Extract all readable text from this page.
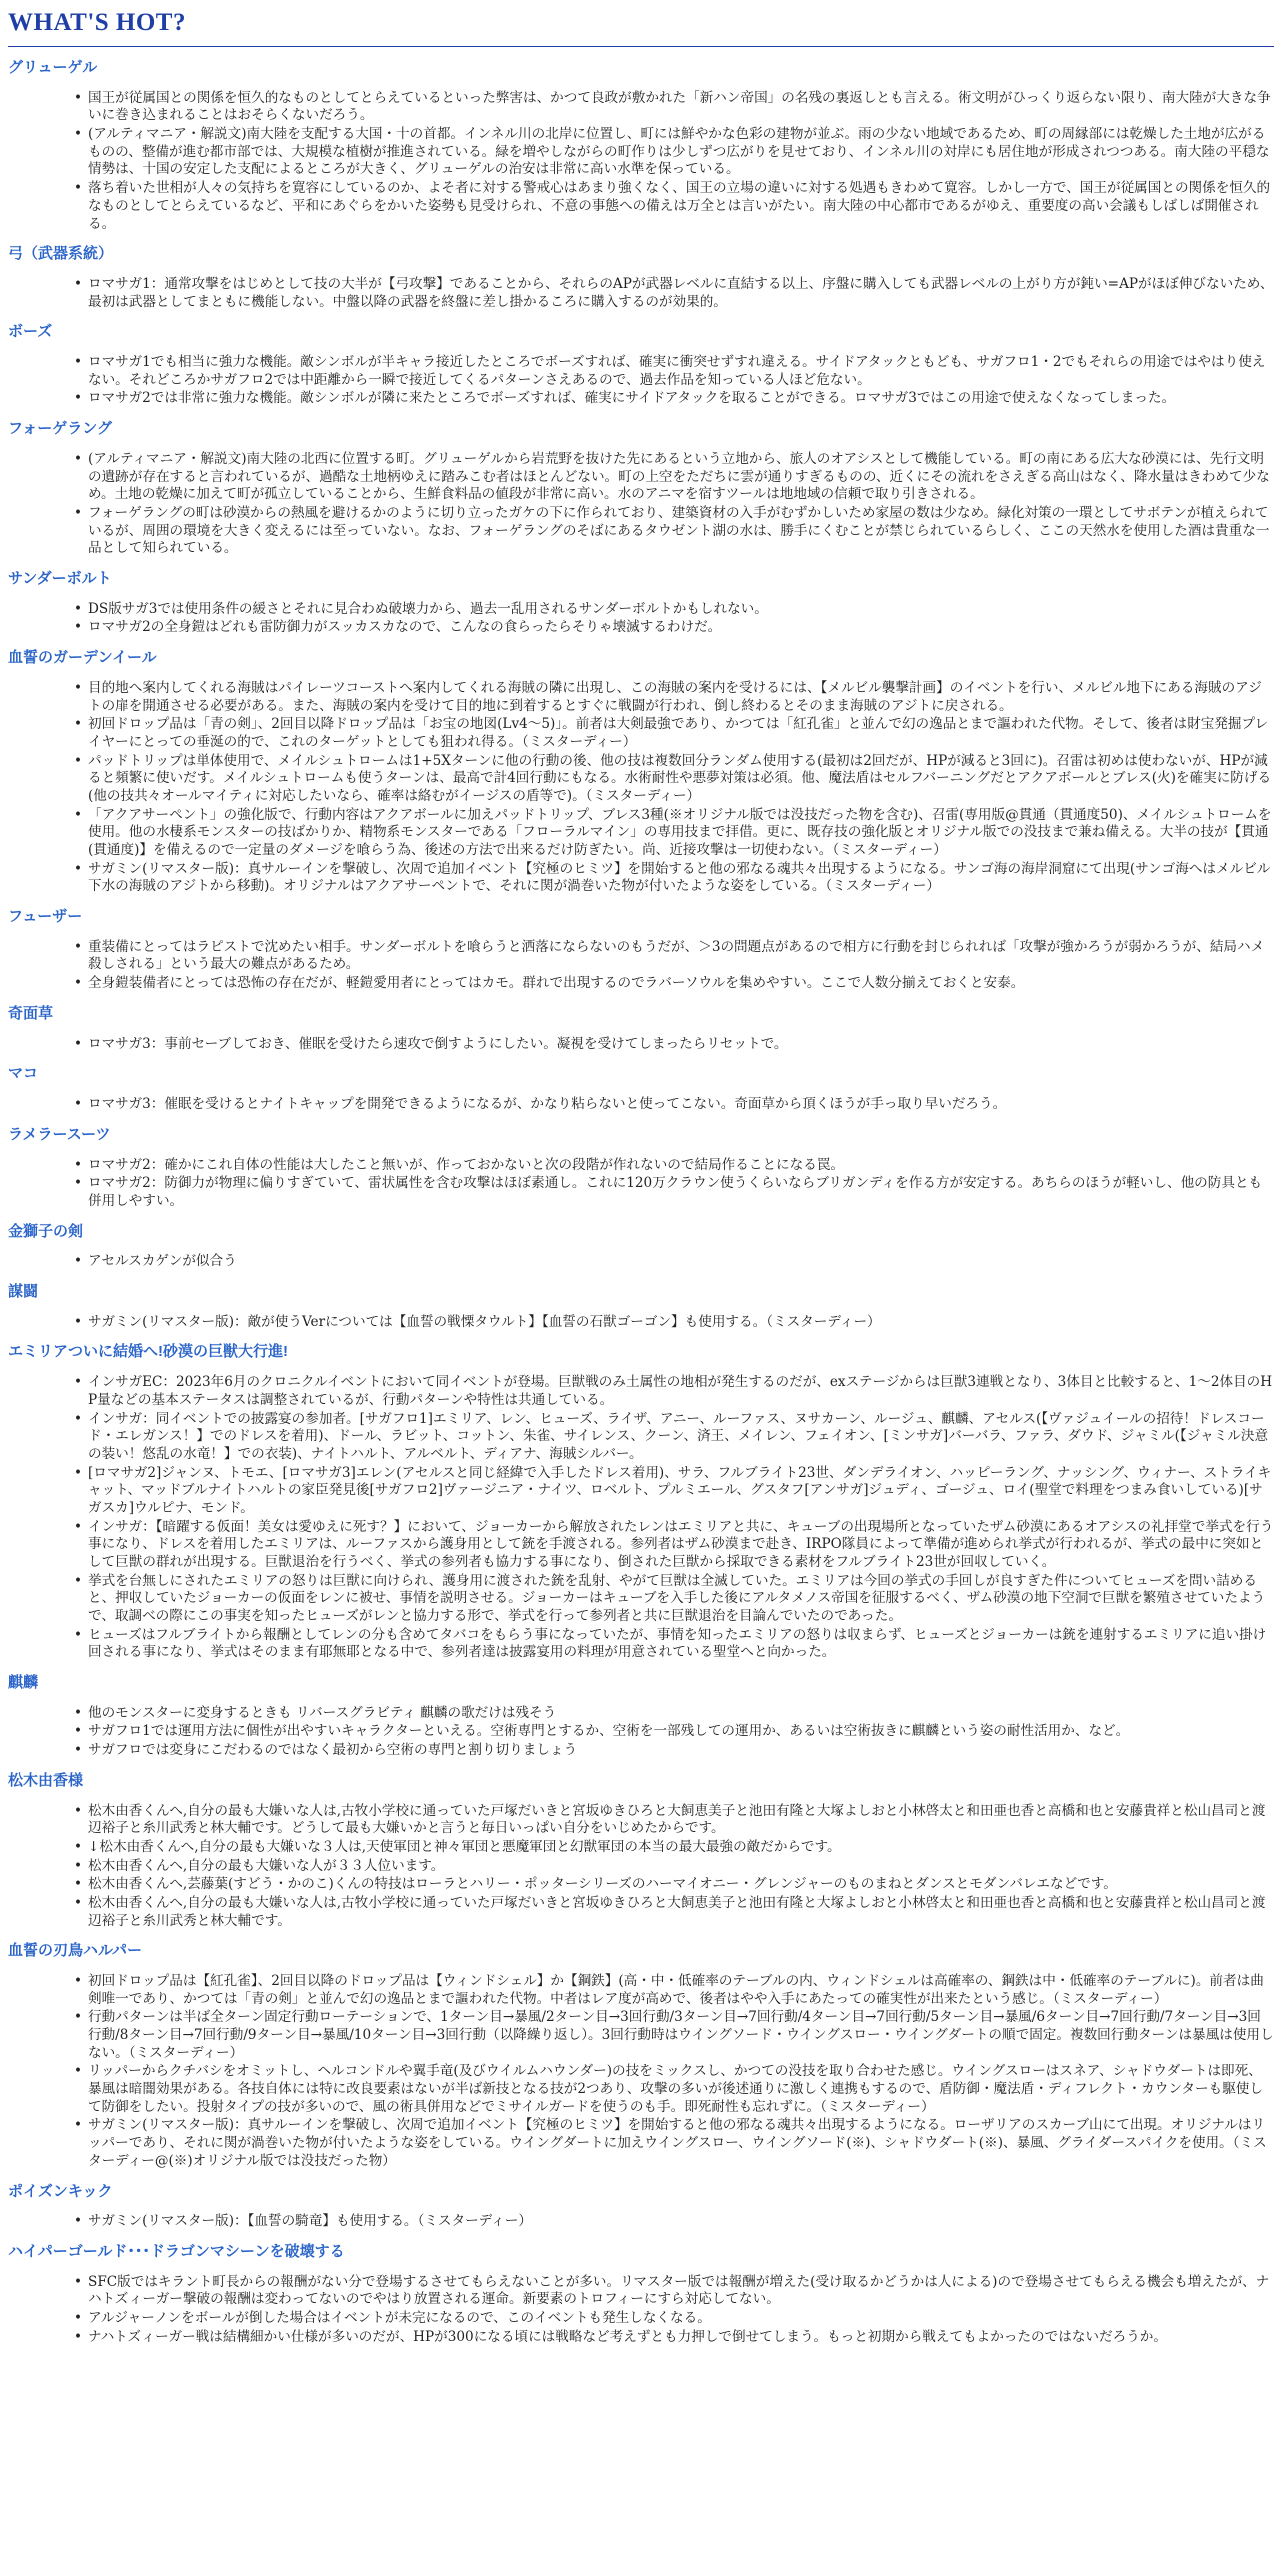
WHAT'S HOT?
グリューゲル
• 国王が従属国との関係を恒久的なものとしてとらえているといった弊害は、かつて良政が敷かれた「新ハン帝国」の名残の裏返しとも言える。術文明がひっくり返らない限り、南大陸が大きな争いに巻き込まれることはおそらくないだろう。
• (アルティマニア・解説文)南大陸を支配する大国・十の首都。インネル川の北岸に位置し、町には鮮やかな色彩の建物が並ぶ。雨の少ない地域であるため、町の周縁部には乾燥した土地が広がるものの、整備が進む都市部では、大規模な植樹が推進されている。緑を増やしながらの町作りは少しずつ広がりを見せており、インネル川の対岸にも居住地が形成されつつある。南大陸の平穏な情勢は、十国の安定した支配によるところが大きく、グリューゲルの治安は非常に高い水準を保っている。
• 落ち着いた世相が人々の気持ちを寛容にしているのか、よそ者に対する警戒心はあまり強くなく、国王の立場の違いに対する処遇もきわめて寛容。しかし一方で、国王が従属国との関係を恒久的なものとしてとらえているなど、平和にあぐらをかいた姿勢も見受けられ、不意の事態への備えは万全とは言いがたい。南大陸の中心都市であるがゆえ、重要度の高い会議もしばしば開催される。
弓（武器系統）
• ロマサガ1：通常攻撃をはじめとして技の大半が【弓攻撃】であることから、それらのAPが武器レベルに直結する以上、序盤に購入しても武器レベルの上がり方が鈍い=APがほぼ伸びないため、最初は武器としてまともに機能しない。中盤以降の武器を終盤に差し掛かるころに購入するのが効果的。
ボーズ
• ロマサガ1でも相当に強力な機能。敵シンボルが半キャラ接近したところでボーズすれば、確実に衝突せずすれ違える。サイドアタックともども、サガフロ1・2でもそれらの用途ではやはり使えない。それどころかサガフロ2では中距離から一瞬で接近してくるパターンさえあるので、過去作品を知っている人ほど危ない。
• ロマサガ2では非常に強力な機能。敵シンボルが隣に来たところでボーズすれば、確実にサイドアタックを取ることができる。ロマサガ3ではこの用途で使えなくなってしまった。
フォーゲラング
• (アルティマニア・解説文)南大陸の北西に位置する町。グリューゲルから岩荒野を抜けた先にあるという立地から、旅人のオアシスとして機能している。町の南にある広大な砂漠には、先行文明の遺跡が存在すると言われているが、過酷な土地柄ゆえに踏みこむ者はほとんどない。町の上空をただちに雲が通りすぎるものの、近くにその流れをさえぎる高山はなく、降水量はきわめて少なめ。土地の乾燥に加えて町が孤立していることから、生鮮食料品の値段が非常に高い。水のアニマを宿すツールは地地域の信頼で取り引きされる。
• フォーゲラングの町は砂漠からの熱風を避けるかのように切り立ったガケの下に作られており、建築資材の入手がむずかしいため家屋の数は少なめ。緑化対策の一環としてサボテンが植えられているが、周囲の環境を大きく変えるには至っていない。なお、フォーゲラングのそばにあるタウゼント湖の水は、勝手にくむことが禁じられているらしく、ここの天然水を使用した酒は貴重な一品として知られている。
サンダーボルト
• DS版サガ3では使用条件の緩さとそれに見合わぬ破壊力から、過去一乱用されるサンダーボルトかもしれない。
• ロマサガ2の全身鎧はどれも雷防御力がスッカスカなので、こんなの食らったらそりゃ壊滅するわけだ。
血誓のガーデンイール
• 目的地へ案内してくれる海賊はパイレーツコーストへ案内してくれる海賊の隣に出現し、この海賊の案内を受けるには、【メルビル襲撃計画】のイベントを行い、メルビル地下にある海賊のアジトの扉を開通させる必要がある。また、海賊の案内を受けて目的地に到着するとすぐに戦闘が行われ、倒し終わるとそのまま海賊のアジトに戻される。
• 初回ドロップ品は「青の剣」、2回目以降ドロップ品は「お宝の地図(Lv4～5)」。前者は大剣最強であり、かつては「紅孔雀」と並んで幻の逸品とまで謳われた代物。そして、後者は財宝発掘プレイヤーにとっての垂涎の的で、これのターゲットとしても狙われ得る。（ミスターディー）
• パッドトリップは単体使用で、メイルシュトロームは1+5Xターンに他の行動の後、他の技は複数回分ランダム使用する(最初は2回だが、HPが減ると3回に)。召雷は初めは使わないが、HPが減ると頻繁に使いだす。メイルシュトロームも使うターンは、最高で計4回行動にもなる。水術耐性や悪夢対策は必須。他、魔法盾はセルフバーニングだとアクアボールとブレス(火)を確実に防げる(他の技共々オールマイティに対応したいなら、確率は絡むがイージスの盾等で)。（ミスターディー）
• 「アクアサーペント」の強化版で、行動内容はアクアボールに加えパッドトリップ、ブレス3種(※オリジナル版では没技だった物を含む)、召雷(専用版@貫通（貫通度50)、メイルシュトロームを使用。他の水棲系モンスターの技ばかりか、精物系モンスターである「フローラルマイン」の専用技まで拝借。更に、既存技の強化版とオリジナル版での没技まで兼ね備える。大半の技が【貫通(貫通度)】を備えるので一定量のダメージを喰らう為、後述の方法で出来るだけ防ぎたい。尚、近接攻撃は一切使わない。（ミスターディー）
• サガミン(リマスター版)：真サルーインを撃破し、次周で追加イベント【究極のヒミツ】を開始すると他の邪なる魂共々出現するようになる。サンゴ海の海岸洞窟にて出現(サンゴ海へはメルビル下水の海賊のアジトから移動)。オリジナルはアクアサーペントで、それに関が渦巻いた物が付いたような姿をしている。（ミスターディー）
フューザー
• 重装備にとってはラピストで沈めたい相手。サンダーボルトを喰らうと洒落にならないのもうだが、＞3の問題点があるので相方に行動を封じられれば「攻撃が強かろうが弱かろうが、結局ハメ殺しされる」という最大の難点があるため。
• 全身鎧装備者にとっては恐怖の存在だが、軽鎧愛用者にとってはカモ。群れで出現するのでラバーソウルを集めやすい。ここで人数分揃えておくと安泰。
奇面草
• ロマサガ3：事前セーブしておき、催眠を受けたら速攻で倒すようにしたい。凝視を受けてしまったらリセットで。
マコ
• ロマサガ3：催眠を受けるとナイトキャップを開発できるようになるが、かなり粘らないと使ってこない。奇面草から頂くほうが手っ取り早いだろう。
ラメラースーツ
• ロマサガ2：確かにこれ自体の性能は大したこと無いが、作っておかないと次の段階が作れないので結局作ることになる罠。
• ロマサガ2：防御力が物理に偏りすぎていて、雷状属性を含む攻撃はほぼ素通し。これに120万クラウン使うくらいならブリガンディを作る方が安定する。あちらのほうが軽いし、他の防具とも併用しやすい。
金獅子の剣
• アセルスカゲンが似合う
謀闘
• サガミン(リマスター版)：敵が使うVerについては【血誓の戦慄タウルト】【血誓の石獣ゴーゴン】も使用する。（ミスターディー）
エミリアついに結婚へ!砂漠の巨獣大行進!
• インサガEC：2023年6月のクロニクルイベントにおいて同イベントが登場。巨獣戦のみ土属性の地相が発生するのだが、exステージからは巨獣3連戦となり、3体目と比較すると、1～2体目のHP量などの基本ステータスは調整されているが、行動パターンや特性は共通している。
• インサガ：同イベントでの披露宴の参加者。[サガフロ1]エミリア、レン、ヒューズ、ライザ、アニー、ルーファス、ヌサカーン、ルージュ、麒麟、アセルス(【ヴァジュイールの招待！ドレスコード・エレガンス！】でのドレスを着用)、ドール、ラビット、コットン、朱雀、サイレンス、クーン、済王、メイレン、フェイオン、[ミンサガ]バーバラ、ファラ、ダウド、ジャミル(【ジャミル決意の装い！悠乱の水竜！】での衣装)、ナイトハルト、アルベルト、ディアナ、海賊シルバー。
• [ロマサガ2]ジャンヌ、トモエ、[ロマサガ3]エレン(アセルスと同じ経緯で入手したドレス着用)、サラ、フルブライト23世、ダンデライオン、ハッピーラング、ナッシング、ウィナー、ストライキャット、マッドブルナイトハルトの家臣発見後[サガフロ2]ヴァージニア・ナイツ、ロベルト、プルミエール、グスタフ[アンサガ]ジュディ、ゴージュ、ロイ(聖堂で料理をつまみ食いしている)[サガスカ]ウルピナ、モンド。
• インサガ：【暗躍する仮面！美女は愛ゆえに死す？】において、ジョーカーから解放されたレンはエミリアと共に、キューブの出現場所となっていたザム砂漠にあるオアシスの礼拝堂で挙式を行う事になり、ドレスを着用したエミリアは、ルーファスから護身用として銃を手渡される。参列者はザム砂漠まで赴き、IRPO隊員によって準備が進められ挙式が行われるが、挙式の最中に突如として巨獣の群れが出現する。巨獣退治を行うべく、挙式の参列者も協力する事になり、倒された巨獣から採取できる素材をフルブライト23世が回収していく。
• 挙式を台無しにされたエミリアの怒りは巨獣に向けられ、護身用に渡された銃を乱射、やがて巨獣は全滅していた。エミリアは今回の挙式の手回しが良すぎた件についてヒューズを問い詰めると、押収していたジョーカーの仮面をレンに被せ、事情を説明させる。ジョーカーはキューブを入手した後にアルタメノス帝国を征服するべく、ザム砂漠の地下空洞で巨獣を繁殖させていたようで、取調べの際にこの事実を知ったヒューズがレンと協力する形で、挙式を行って参列者と共に巨獣退治を目論んでいたのであった。
• ヒューズはフルブライトから報酬としてレンの分も含めてタバコをもらう事になっていたが、事情を知ったエミリアの怒りは収まらず、ヒューズとジョーカーは銃を連射するエミリアに追い掛け回される事になり、挙式はそのまま有耶無耶となる中で、参列者達は披露宴用の料理が用意されている聖堂へと向かった。
麒麟
• 他のモンスターに変身するときも リバースグラビティ 麒麟の歌だけは残そう
• サガフロ1では運用方法に個性が出やすいキャラクターといえる。空術専門とするか、空術を一部残しての運用か、あるいは空術抜きに麒麟という姿の耐性活用か、など。
• サガフロでは変身にこだわるのではなく最初から空術の専門と割り切りましょう
松木由香様
• 松木由香くんへ,自分の最も大嫌いな人は,古牧小学校に通っていた戸塚だいきと宮坂ゆきひろと大飼恵美子と池田有隆と大塚よしおと小林啓太と和田亜也香と高橋和也と安藤貴祥と松山昌司と渡辺裕子と糸川武秀と林大輔です。どうして最も大嫌いかと言うと毎日いっぱい自分をいじめたからです。
• ↓松木由香くんへ,自分の最も大嫌いな３人は,天使軍団と神々軍団と悪魔軍団と幻獣軍団の本当の最大最強の敵だからです。
• 松木由香くんへ,自分の最も大嫌いな人が３３人位います。
• 松木由香くんへ,芸藤葉(すどう・かのこ)くんの特技はローラとハリー・ポッターシリーズのハーマイオニー・グレンジャーのものまねとダンスとモダンバレエなどです。
• 松木由香くんへ,自分の最も大嫌いな人は,古牧小学校に通っていた戸塚だいきと宮坂ゆきひろと大飼恵美子と池田有隆と大塚よしおと小林啓太と和田亜也香と高橋和也と安藤貴祥と松山昌司と渡辺裕子と糸川武秀と林大輔です。
血誓の刃鳥ハルパー
• 初回ドロップ品は【紅孔雀】、2回目以降のドロップ品は【ウィンドシェル】か【鋼鉄】(高・中・低確率のテーブルの内、ウィンドシェルは高確率の、鋼鉄は中・低確率のテーブルに)。前者は曲剣唯一であり、かつては「青の剣」と並んで幻の逸品とまで謳われた代物。中者はレア度が高めで、後者はやや入手にあたっての確実性が出来たという感じ。（ミスターディー）
• 行動パターンは半ば全ターン固定行動ローテーションで、1ターン目→暴風/2ターン目→3回行動/3ターン目→7回行動/4ターン目→7回行動/5ターン目→暴風/6ターン目→7回行動/7ターン目→3回行動/8ターン目→7回行動/9ターン目→暴風/10ターン目→3回行動（以降繰り返し）。3回行動時はウイングソード・ウイングスロー・ウイングダートの順で固定。複数回行動ターンは暴風は使用しない。（ミスターディー）
• リッパーからクチバシをオミットし、ヘルコンドルや翼手竜(及びウイルムハウンダー)の技をミックスし、かつての没技を取り合わせた感じ。ウイングスローはスネア、シャドウダートは即死、暴風は暗闇効果がある。各技自体には特に改良要素はないが半ば新技となる技が2つあり、攻撃の多いが後述通りに激しく連携もするので、盾防御・魔法盾・ディフレクト・カウンターも駆使して防御をしたい。投射タイプの技が多いので、風の術具併用などでミサイルガードを使うのも手。即死耐性も忘れずに。（ミスターディー）
• サガミン(リマスター版)：真サルーインを撃破し、次周で追加イベント【究極のヒミツ】を開始すると他の邪なる魂共々出現するようになる。ローザリアのスカーブ山にて出現。オリジナルはリッパーであり、それに関が渦巻いた物が付いたような姿をしている。ウイングダートに加えウイングスロー、ウイングソード(※)、シャドウダート(※)、暴風、グライダースパイクを使用。（ミスターディー@(※)オリジナル版では没技だった物）
ポイズンキック
• サガミン(リマスター版)：【血誓の騎竜】も使用する。（ミスターディー）
ハイパーゴールド･･･ドラゴンマシーンを破壊する
• SFC版ではキラント町長からの報酬がない分で登場するさせてもらえないことが多い。リマスター版では報酬が増えた(受け取るかどうかは人による)ので登場させてもらえる機会も増えたが、ナハトズィーガー撃破の報酬は変わってないのでやはり放置される運命。新要素のトロフィーにすら対応してない。
• アルジャーノンをボールが倒した場合はイベントが未完になるので、このイベントも発生しなくなる。
• ナハトズィーガー戦は結構細かい仕様が多いのだが、HPが300になる頃には戦略など考えずとも力押しで倒せてしまう。もっと初期から戦えてもよかったのではないだろうか。
